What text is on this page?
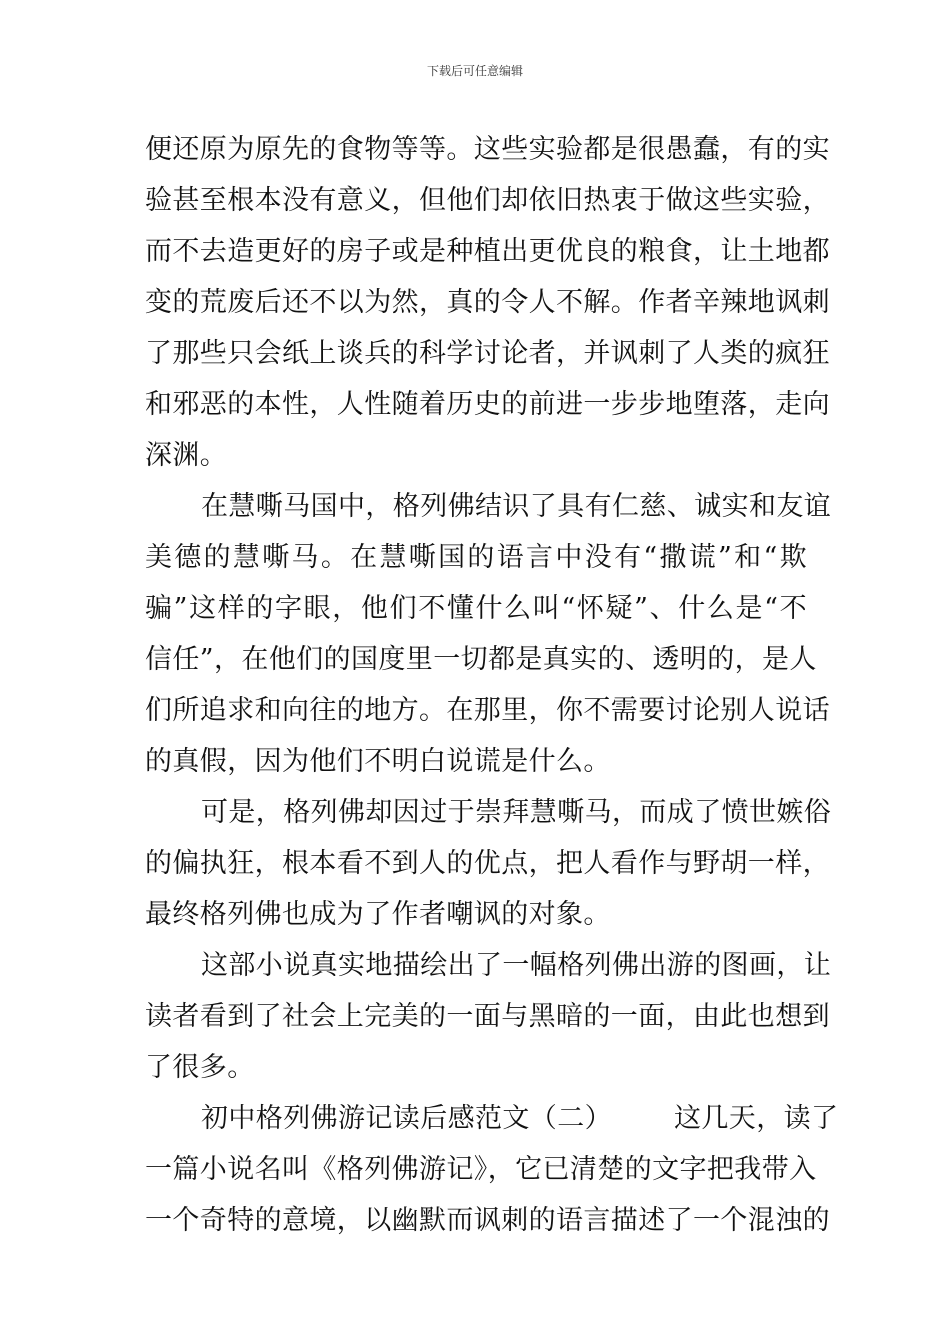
下载后可任意编辑
便还原为原先的食物等等。这些实验都是很愚蠢，有的实
验甚至根本没有意义，但他们却依旧热衷于做这些实验，
而不去造更好的房子或是种植出更优良的粮食，让土地都
变的荒废后还不以为然，真的令人不解。作者辛辣地讽刺
了那些只会纸上谈兵的科学讨论者，并讽刺了人类的疯狂
和邪恶的本性，人性随着历史的前进一步步地堕落，走向
深渊。
在慧嘶马国中，格列佛结识了具有仁慈、诚实和友谊
美德的慧嘶马。在慧嘶国的语言中没有“撒谎”和“欺
骗”这样的字眼，他们不懂什么叫“怀疑”、什么是“不
信任”，在他们的国度里一切都是真实的、透明的，是人
们所追求和向往的地方。在那里，你不需要讨论别人说话
的真假，因为他们不明白说谎是什么。
可是，格列佛却因过于崇拜慧嘶马，而成了愤世嫉俗
的偏执狂，根本看不到人的优点，把人看作与野胡一样，
最终格列佛也成为了作者嘲讽的对象。
这部小说真实地描绘出了一幅格列佛出游的图画，让
读者看到了社会上完美的一面与黑暗的一面，由此也想到
了很多。
初中格列佛游记读后感范文（二） 这几天，读了
一篇小说名叫《格列佛游记》，它已清楚的文字把我带入
一个奇特的意境，以幽默而讽刺的语言描述了一个混浊的
